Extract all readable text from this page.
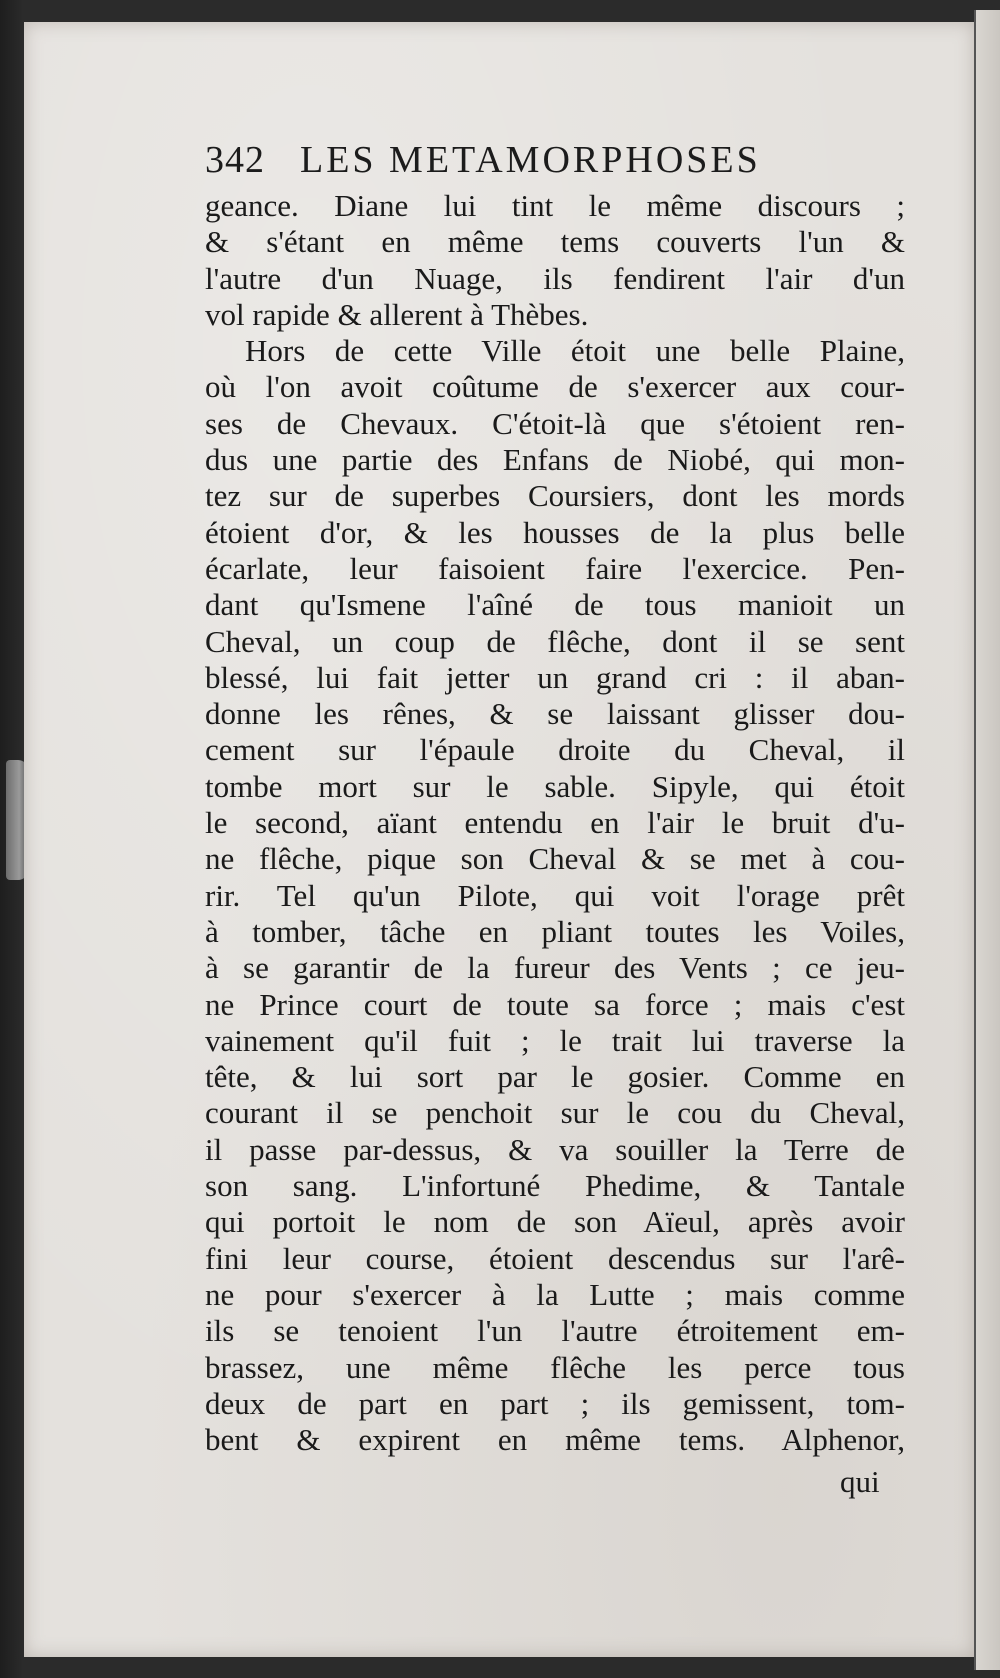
342 LES METAMORPHOSES
geance. Diane lui tint le même discours ;
& s'étant en même tems couverts l'un &
l'autre d'un Nuage, ils fendirent l'air d'un
vol rapide & allerent à Thèbes.
Hors de cette Ville étoit une belle Plaine,
où l'on avoit coûtume de s'exercer aux cour-
ses de Chevaux. C'étoit-là que s'étoient ren-
dus une partie des Enfans de Niobé, qui mon-
tez sur de superbes Coursiers, dont les mords
étoient d'or, & les housses de la plus belle
écarlate, leur faisoient faire l'exercice. Pen-
dant qu'Ismene l'aîné de tous manioit un
Cheval, un coup de flêche, dont il se sent
blessé, lui fait jetter un grand cri : il aban-
donne les rênes, & se laissant glisser dou-
cement sur l'épaule droite du Cheval, il
tombe mort sur le sable. Sipyle, qui étoit
le second, aïant entendu en l'air le bruit d'u-
ne flêche, pique son Cheval & se met à cou-
rir. Tel qu'un Pilote, qui voit l'orage prêt
à tomber, tâche en pliant toutes les Voiles,
à se garantir de la fureur des Vents ; ce jeu-
ne Prince court de toute sa force ; mais c'est
vainement qu'il fuit ; le trait lui traverse la
tête, & lui sort par le gosier. Comme en
courant il se penchoit sur le cou du Cheval,
il passe par-dessus, & va souiller la Terre de
son sang. L'infortuné Phedime, & Tantale
qui portoit le nom de son Aïeul, après avoir
fini leur course, étoient descendus sur l'arê-
ne pour s'exercer à la Lutte ; mais comme
ils se tenoient l'un l'autre étroitement em-
brassez, une même flêche les perce tous
deux de part en part ; ils gemissent, tom-
bent & expirent en même tems. Alphenor,
qui
